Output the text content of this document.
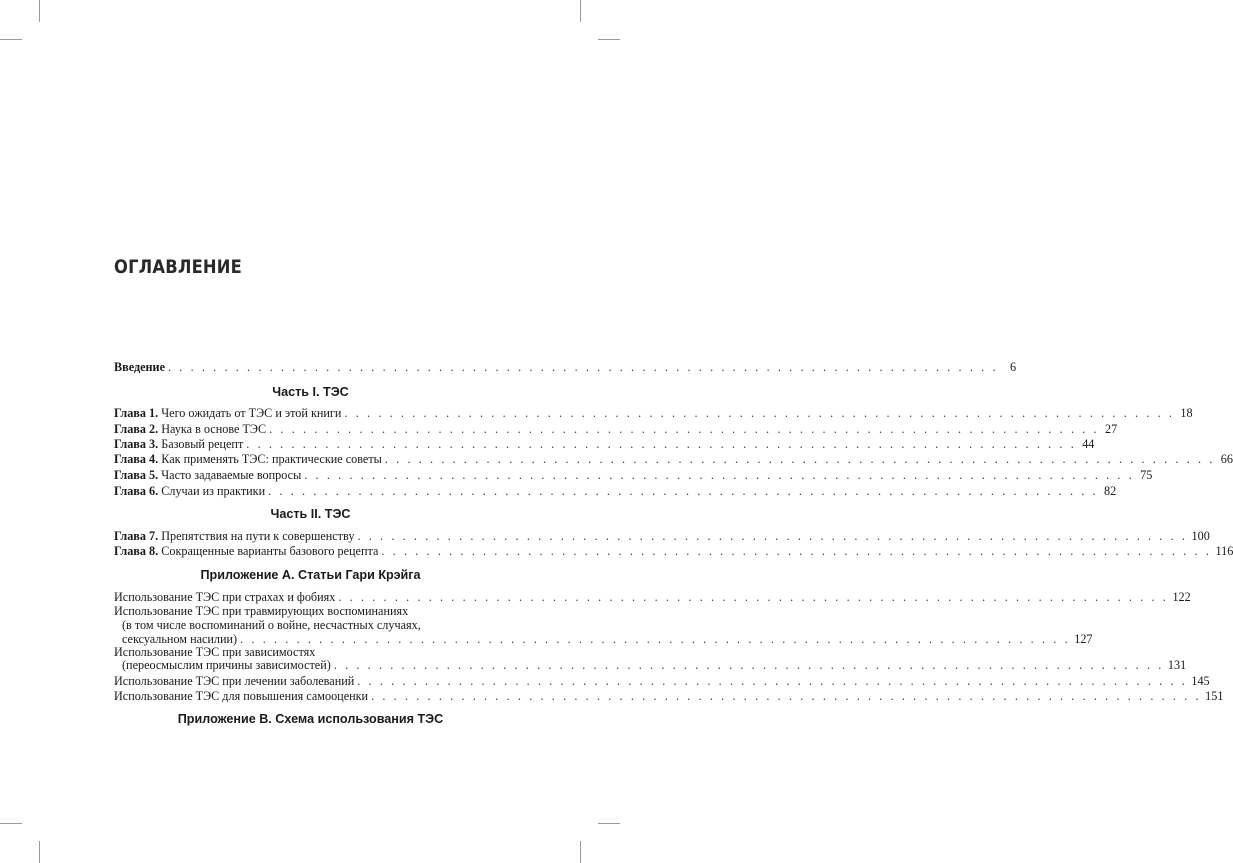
ОГЛАВЛЕНИЕ
Введение . . . . . . . . . . . . . . . . . . . . . . . . . . . . . . . . . . . . . . . . . . . . . . . . . . . . . . . . . . . . . . . . . . . . . . . . . . 6
Часть I. ТЭС
Глава 1. Чего ожидать от ТЭС и этой книги . . . . . . . . . . . . . . . . . . . . . . . . . . . . . . . . . . . . . . . . . . . . . . . . . . . . . . . . . . . . . . . . . . . . . . . . . . 18
Глава 2. Наука в основе ТЭС . . . . . . . . . . . . . . . . . . . . . . . . . . . . . . . . . . . . . . . . . . . . . . . . . . . . . . . . . . . . . . . . . . . . . . . . . . 27
Глава 3. Базовый рецепт . . . . . . . . . . . . . . . . . . . . . . . . . . . . . . . . . . . . . . . . . . . . . . . . . . . . . . . . . . . . . . . . . . . . . . . . . . 44
Глава 4. Как применять ТЭС: практические советы . . . . . . . . . . . . . . . . . . . . . . . . . . . . . . . . . . . . . . . . . . . . . . . . . . . . . . . . . . . . . . . . . . . . . . . . . . 66
Глава 5. Часто задаваемые вопросы . . . . . . . . . . . . . . . . . . . . . . . . . . . . . . . . . . . . . . . . . . . . . . . . . . . . . . . . . . . . . . . . . . . . . . . . . . 75
Глава 6. Случаи из практики . . . . . . . . . . . . . . . . . . . . . . . . . . . . . . . . . . . . . . . . . . . . . . . . . . . . . . . . . . . . . . . . . . . . . . . . . . 82
Часть II. ТЭС
Глава 7. Препятствия на пути к совершенству . . . . . . . . . . . . . . . . . . . . . . . . . . . . . . . . . . . . . . . . . . . . . . . . . . . . . . . . . . . . . . . . . . . . . . . . . . 100
Глава 8. Сокращенные варианты базового рецепта . . . . . . . . . . . . . . . . . . . . . . . . . . . . . . . . . . . . . . . . . . . . . . . . . . . . . . . . . . . . . . . . . . . . . . . . . . 116
Приложение А. Статьи Гари Крэйга
Использование ТЭС при страхах и фобиях . . . . . . . . . . . . . . . . . . . . . . . . . . . . . . . . . . . . . . . . . . . . . . . . . . . . . . . . . . . . . . . . . . . . . . . . . . 122
Использование ТЭС при травмирующих воспоминаниях
(в том числе воспоминаний о войне, несчастных случаях,
сексуальном насилии) . . . . . . . . . . . . . . . . . . . . . . . . . . . . . . . . . . . . . . . . . . . . . . . . . . . . . . . . . . . . . . . . . . . . . . . . . . 127
Использование ТЭС при зависимостях
(переосмыслим причины зависимостей) . . . . . . . . . . . . . . . . . . . . . . . . . . . . . . . . . . . . . . . . . . . . . . . . . . . . . . . . . . . . . . . . . . . . . . . . . . 131
Использование ТЭС при лечении заболеваний . . . . . . . . . . . . . . . . . . . . . . . . . . . . . . . . . . . . . . . . . . . . . . . . . . . . . . . . . . . . . . . . . . . . . . . . . . 145
Использование ТЭС для повышения самооценки . . . . . . . . . . . . . . . . . . . . . . . . . . . . . . . . . . . . . . . . . . . . . . . . . . . . . . . . . . . . . . . . . . . . . . . . . . 151
Приложение В. Схема использования ТЭС
